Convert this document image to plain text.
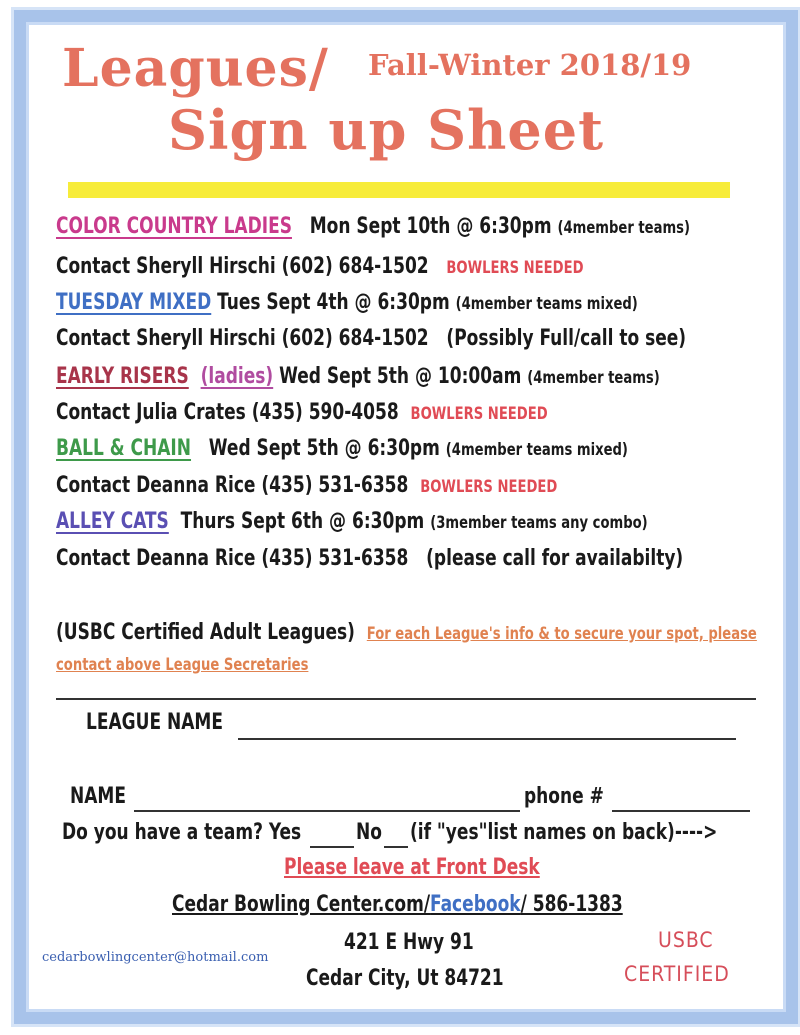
Leagues/ Fall-Winter 2018/19
Sign up Sheet
COLOR COUNTRY LADIES Mon Sept 10th @ 6:30pm (4member teams)
Contact Sheryll Hirschi (602) 684-1502 BOWLERS NEEDED
TUESDAY MIXED Tues Sept 4th @ 6:30pm (4member teams mixed)
Contact Sheryll Hirschi (602) 684-1502 (Possibly Full/call to see)
EARLY RISERS (ladies) Wed Sept 5th @ 10:00am (4member teams)
Contact Julia Crates (435) 590-4058 BOWLERS NEEDED
BALL & CHAIN Wed Sept 5th @ 6:30pm (4member teams mixed)
Contact Deanna Rice (435) 531-6358 BOWLERS NEEDED
ALLEY CATS Thurs Sept 6th @ 6:30pm (3member teams any combo)
Contact Deanna Rice (435) 531-6358 (please call for availabilty)
(USBC Certified Adult Leagues) For each League's info & to secure your spot, please
contact above League Secretaries
LEAGUE NAME
NAME	phone #
Do you have a team? Yes No (if "yes"list names on back)---->
Please leave at Front Desk
Cedar Bowling Center.com/Facebook/ 586-1383
421 E Hwy 91
Cedar City, Ut 84721
cedarbowlingcenter@hotmail.com
USBC
CERTIFIED
